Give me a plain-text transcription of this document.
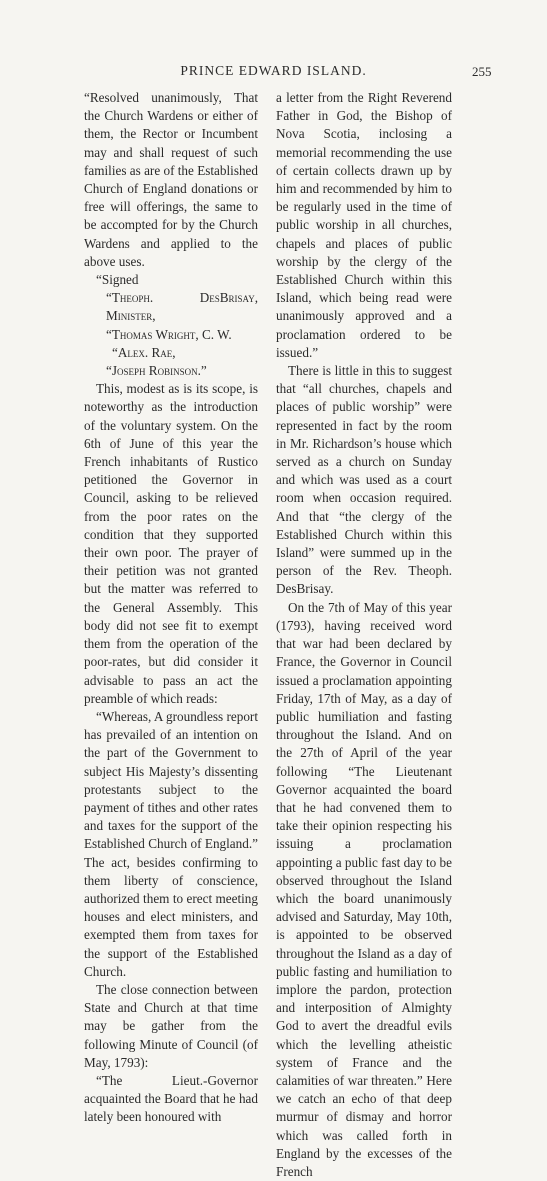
PRINCE EDWARD ISLAND.	255

“Resolved unanimously, That the Church Wardens or either of them, the Rector or Incumbent may and shall request of such families as are of the Established Church of England donations or free will offerings, the same to be accompted for by the Church Wardens and applied to the above uses.

“Signed

“Theoph. DesBrisay, Minister,

“Thomas Wright, C. W.

“Alex. Rae,

“Joseph Robinson.”

This, modest as is its scope, is noteworthy as the introduction of the voluntary system. On the 6th of June of this year the French inhabitants of Rustico petitioned the Governor in Council, asking to be relieved from the poor rates on the condition that they supported their own poor. The prayer of their petition was not granted but the matter was referred to the General Assembly. This body did not see fit to exempt them from the operation of the poor-rates, but did consider it advisable to pass an act the preamble of which reads:

“Whereas, A groundless report has prevailed of an intention on the part of the Government to subject His Majesty’s dissenting protestants subject to the payment of tithes and other rates and taxes for the support of the Established Church of England.” The act, besides confirming to them liberty of conscience, authorized them to erect meeting houses and elect ministers, and exempted them from taxes for the support of the Established Church.

The close connection between State and Church at that time may be gather from the following Minute of Council (of May, 1793):

“The Lieut.-Governor acquainted the Board that he had lately been honoured with

a letter from the Right Reverend Father in God, the Bishop of Nova Scotia, inclosing a memorial recommending the use of certain collects drawn up by him and recommended by him to be regularly used in the time of public worship in all churches, chapels and places of public worship by the clergy of the Established Church within this Island, which being read were unanimously approved and a proclamation ordered to be issued.”

There is little in this to suggest that “all churches, chapels and places of public worship” were represented in fact by the room in Mr. Richardson’s house which served as a church on Sunday and which was used as a court room when occasion required. And that “the clergy of the Established Church within this Island” were summed up in the person of the Rev. Theoph. DesBrisay.

On the 7th of May of this year (1793), having received word that war had been declared by France, the Governor in Council issued a proclamation appointing Friday, 17th of May, as a day of public humiliation and fasting throughout the Island. And on the 27th of April of the year following “The Lieutenant Governor acquainted the board that he had convened them to take their opinion respecting his issuing a proclamation appointing a public fast day to be observed throughout the Island which the board unanimously advised and Saturday, May 10th, is appointed to be observed throughout the Island as a day of public fasting and humiliation to implore the pardon, protection and interposition of Almighty God to avert the dreadful evils which the levelling atheistic system of France and the calamities of war threaten.” Here we catch an echo of that deep murmur of dismay and horror which was called forth in England by the excesses of the French
